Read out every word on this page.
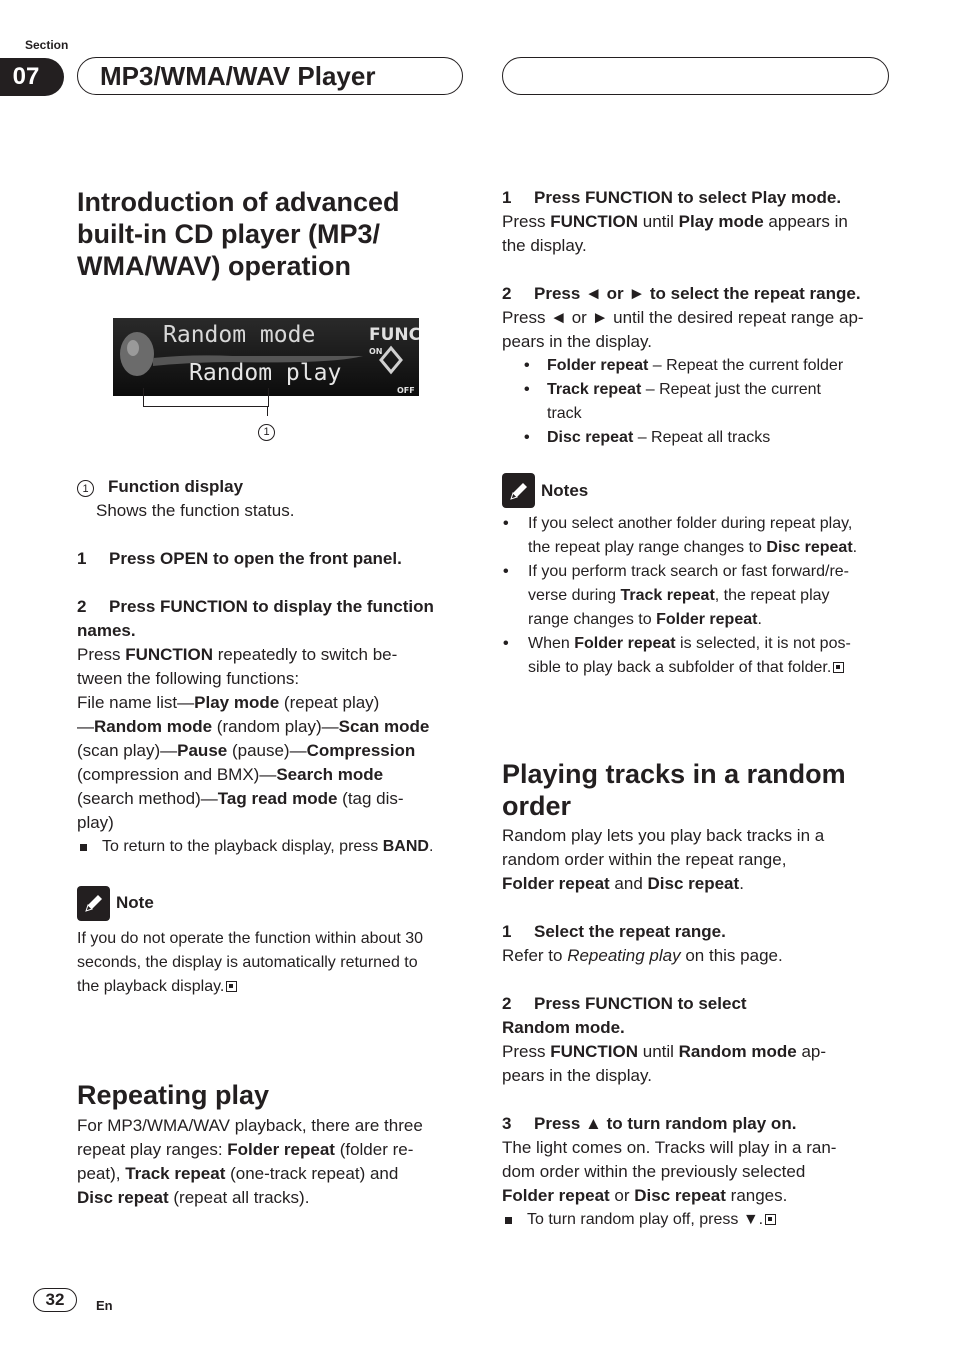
Section
07	MP3/WMA/WAV Player
Introduction of advanced
built-in CD player (MP3/
WMA/WAV) operation
Random mode
Random play
FUNC
ON
OFF
1
1 Function display

Shows the function status.

1 Press OPEN to open the front panel.
2 Press FUNCTION to display the function
names.

Press FUNCTION repeatedly to switch be-
tween the following functions:
File name list—Play mode (repeat play)
—Random mode (random play)—Scan mode
(scan play)—Pause (pause)—Compression
(compression and BMX)—Search mode
(search method)—Tag read mode (tag dis-
play)

To return to the playback display, press BAND.
Note

If you do not operate the function within about 30
seconds, the display is automatically returned to
the playback display.

Repeating play

For MP3/WMA/WAV playback, there are three
repeat play ranges: Folder repeat (folder re-
peat), Track repeat (one-track repeat) and
Disc repeat (repeat all tracks).

1 Press FUNCTION to select Play mode.

Press FUNCTION until Play mode appears in
the display.

2 Press ◄ or ► to select the repeat range.

Press ◄ or ► until the desired repeat range ap-
pears in the display.

• Folder repeat – Repeat the current folder
• Track repeat – Repeat just the current
track
• Disc repeat – Repeat all tracks
Notes
• If you select another folder during repeat play,
the repeat play range changes to Disc repeat.
• If you perform track search or fast forward/re-
verse during Track repeat, the repeat play
range changes to Folder repeat.
• When Folder repeat is selected, it is not pos-
sible to play back a subfolder of that folder.
Playing tracks in a random
order

Random play lets you play back tracks in a
random order within the repeat range,
Folder repeat and Disc repeat.

1 Select the repeat range.

Refer to Repeating play on this page.

2 Press FUNCTION to select
Random mode.

Press FUNCTION until Random mode ap-
pears in the display.

3 Press ▲ to turn random play on.

The light comes on. Tracks will play in a ran-
dom order within the previously selected
Folder repeat or Disc repeat ranges.

To turn random play off, press ▼.
32	En
